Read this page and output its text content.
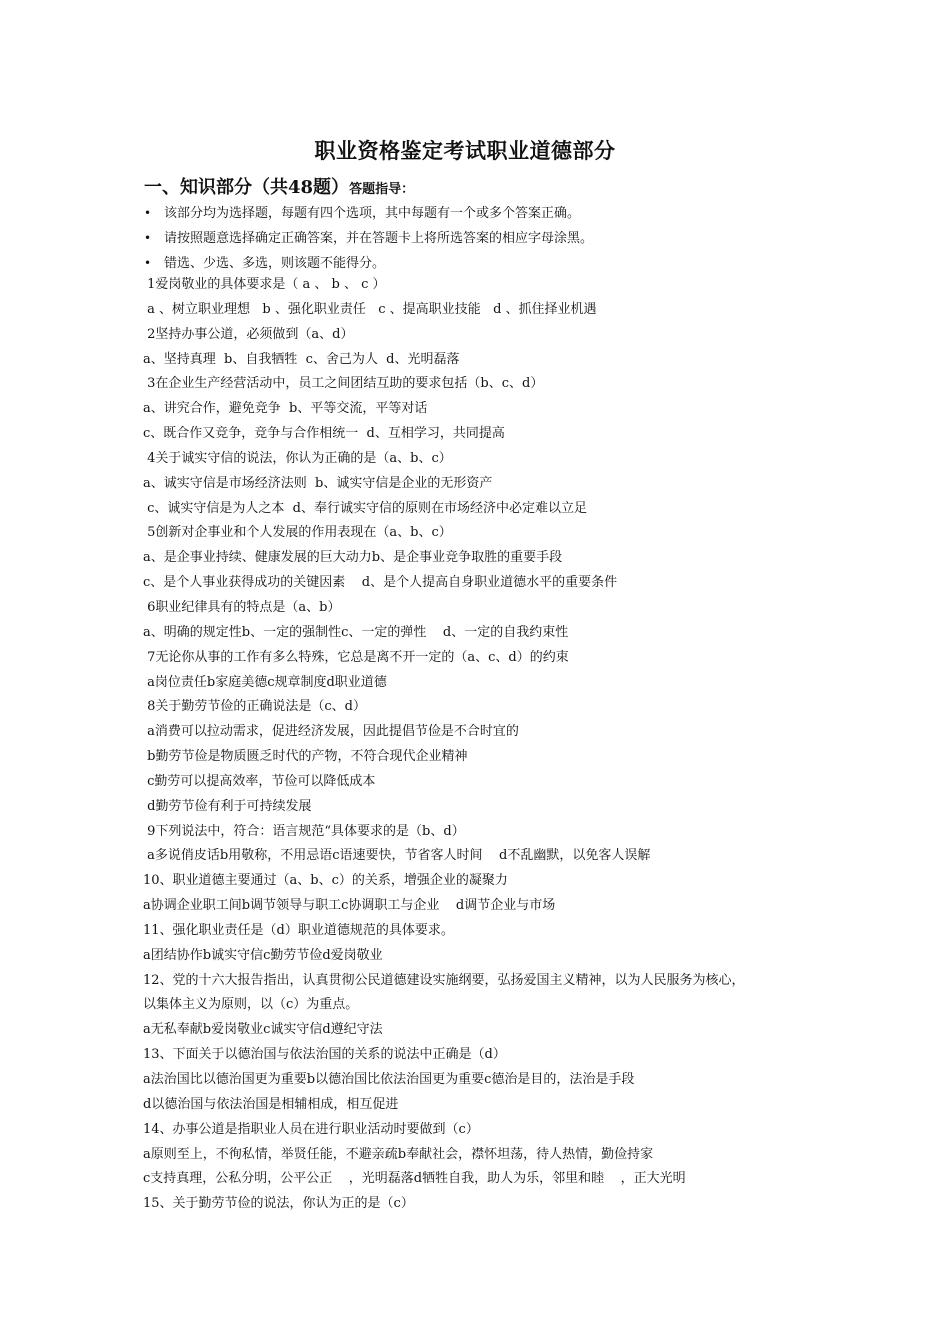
职业资格鉴定考试职业道德部分
一、知识部分（共48题）答题指导：
• 该部分均为选择题，每题有四个选项，其中每题有一个或多个答案正确。
• 请按照题意选择确定正确答案，并在答题卡上将所选答案的相应字母涂黑。
• 错选、少选、多选，则该题不能得分。
1爱岗敬业的具体要求是（ a 、 b 、 c ）
a 、树立职业理想   b 、强化职业责任   c 、提高职业技能   d 、抓住择业机遇
2坚持办事公道，必须做到（a、d）
a、坚持真理  b、自我牺牲  c、舍己为人  d、光明磊落
3在企业生产经营活动中，员工之间团结互助的要求包括（b、c、d）
a、讲究合作，避免竞争  b、平等交流，平等对话
c、既合作又竞争，竞争与合作相统一  d、互相学习，共同提高
4关于诚实守信的说法，你认为正确的是（a、b、c）
a、诚实守信是市场经济法则  b、诚实守信是企业的无形资产
c、诚实守信是为人之本  d、奉行诚实守信的原则在市场经济中必定难以立足
5创新对企事业和个人发展的作用表现在（a、b、c）
a、是企事业持续、健康发展的巨大动力b、是企事业竞争取胜的重要手段
c、是个人事业获得成功的关键因素    d、是个人提高自身职业道德水平的重要条件
6职业纪律具有的特点是（a、b）
a、明确的规定性b、一定的强制性c、一定的弹性    d、一定的自我约束性
7无论你从事的工作有多么特殊，它总是离不开一定的（a、c、d）的约束
a岗位责任b家庭美德c规章制度d职业道德
8关于勤劳节俭的正确说法是（c、d）
a消费可以拉动需求，促进经济发展，因此提倡节俭是不合时宜的
b勤劳节俭是物质匮乏时代的产物，不符合现代企业精神
c勤劳可以提高效率，节俭可以降低成本
d勤劳节俭有利于可持续发展
9下列说法中，符合：语言规范“具体要求的是（b、d）
a多说俏皮话b用敬称，不用忌语c语速要快，节省客人时间    d不乱幽默，以免客人误解
10、职业道德主要通过（a、b、c）的关系，增强企业的凝聚力
a协调企业职工间b调节领导与职工c协调职工与企业    d调节企业与市场
11、强化职业责任是（d）职业道德规范的具体要求。
a团结协作b诚实守信c勤劳节俭d爱岗敬业
12、党的十六大报告指出，认真贯彻公民道德建设实施纲要，弘扬爱国主义精神，以为人民服务为核心，
以集体主义为原则，以（c）为重点。
a无私奉献b爱岗敬业c诚实守信d遵纪守法
13、下面关于以德治国与依法治国的关系的说法中正确是（d）
a法治国比以德治国更为重要b以德治国比依法治国更为重要c德治是目的，法治是手段
d以德治国与依法治国是相辅相成，相互促进
14、办事公道是指职业人员在进行职业活动时要做到（c）
a原则至上，不徇私情，举贤任能，不避亲疏b奉献社会，襟怀坦荡，待人热情，勤俭持家
c支持真理，公私分明，公平公正    ，光明磊落d牺牲自我，助人为乐，邻里和睦    ，正大光明
15、关于勤劳节俭的说法，你认为正的是（c）
